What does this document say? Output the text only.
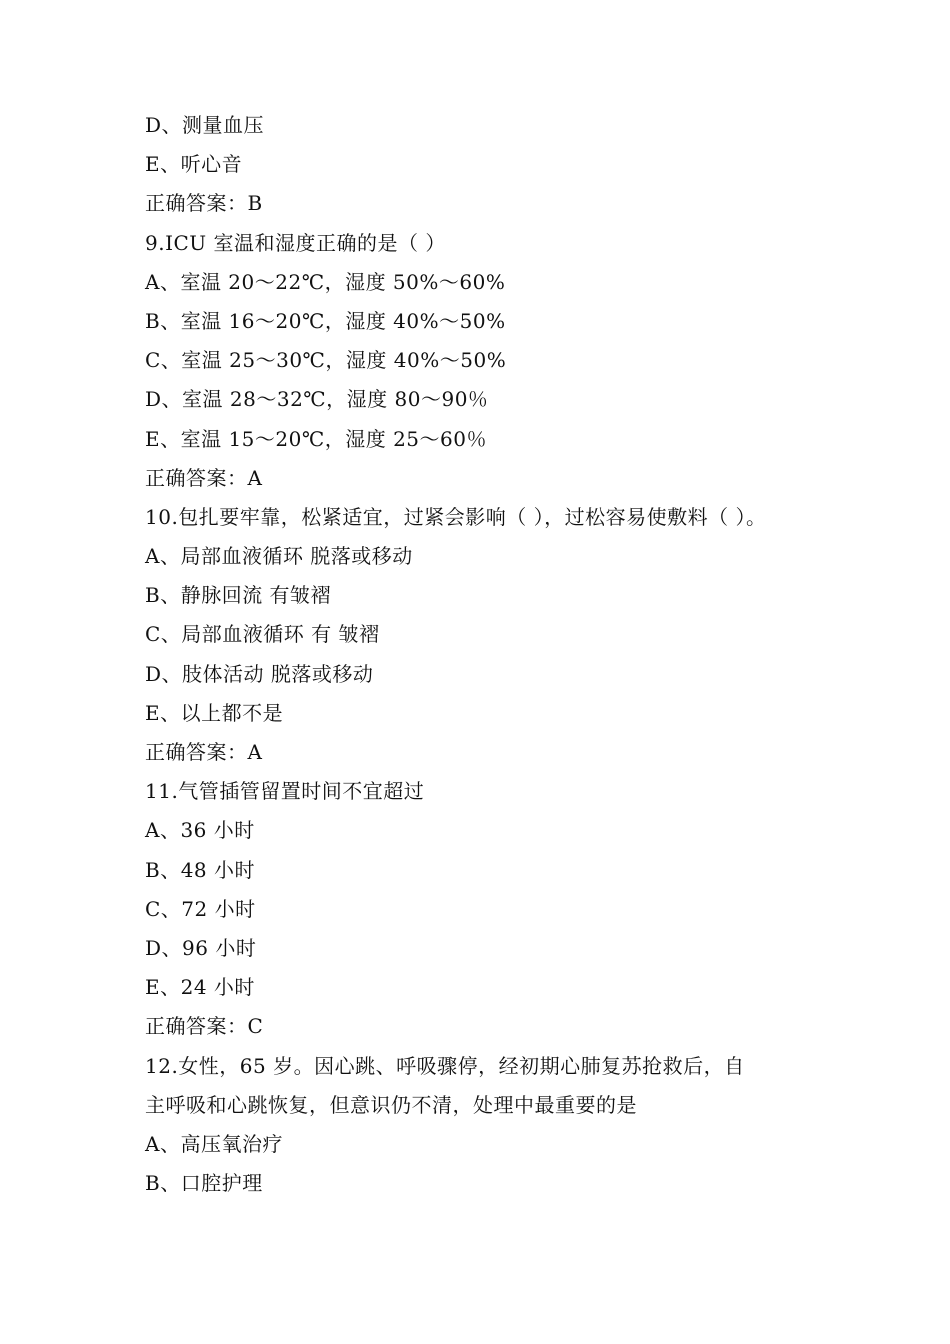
D、测量血压
E、听心音
正确答案：B
9.ICU 室温和湿度正确的是（ ）
A、室温 20～22℃，湿度 50%～60%
B、室温 16～20℃，湿度 40%～50%
C、室温 25～30℃，湿度 40%～50%
D、室温 28～32℃，湿度 80～90％
E、室温 15～20℃，湿度 25～60％
正确答案：A
10.包扎要牢靠，松紧适宜，过紧会影响（ ），过松容易使敷料（ ）。
A、局部血液循环 脱落或移动
B、静脉回流 有皱褶
C、局部血液循环 有 皱褶
D、肢体活动 脱落或移动
E、以上都不是
正确答案：A
11.气管插管留置时间不宜超过
A、36 小时
B、48 小时
C、72 小时
D、96 小时
E、24 小时
正确答案：C
12.女性，65 岁。因心跳、呼吸骤停，经初期心肺复苏抢救后，自
主呼吸和心跳恢复，但意识仍不清，处理中最重要的是
A、高压氧治疗
B、口腔护理
